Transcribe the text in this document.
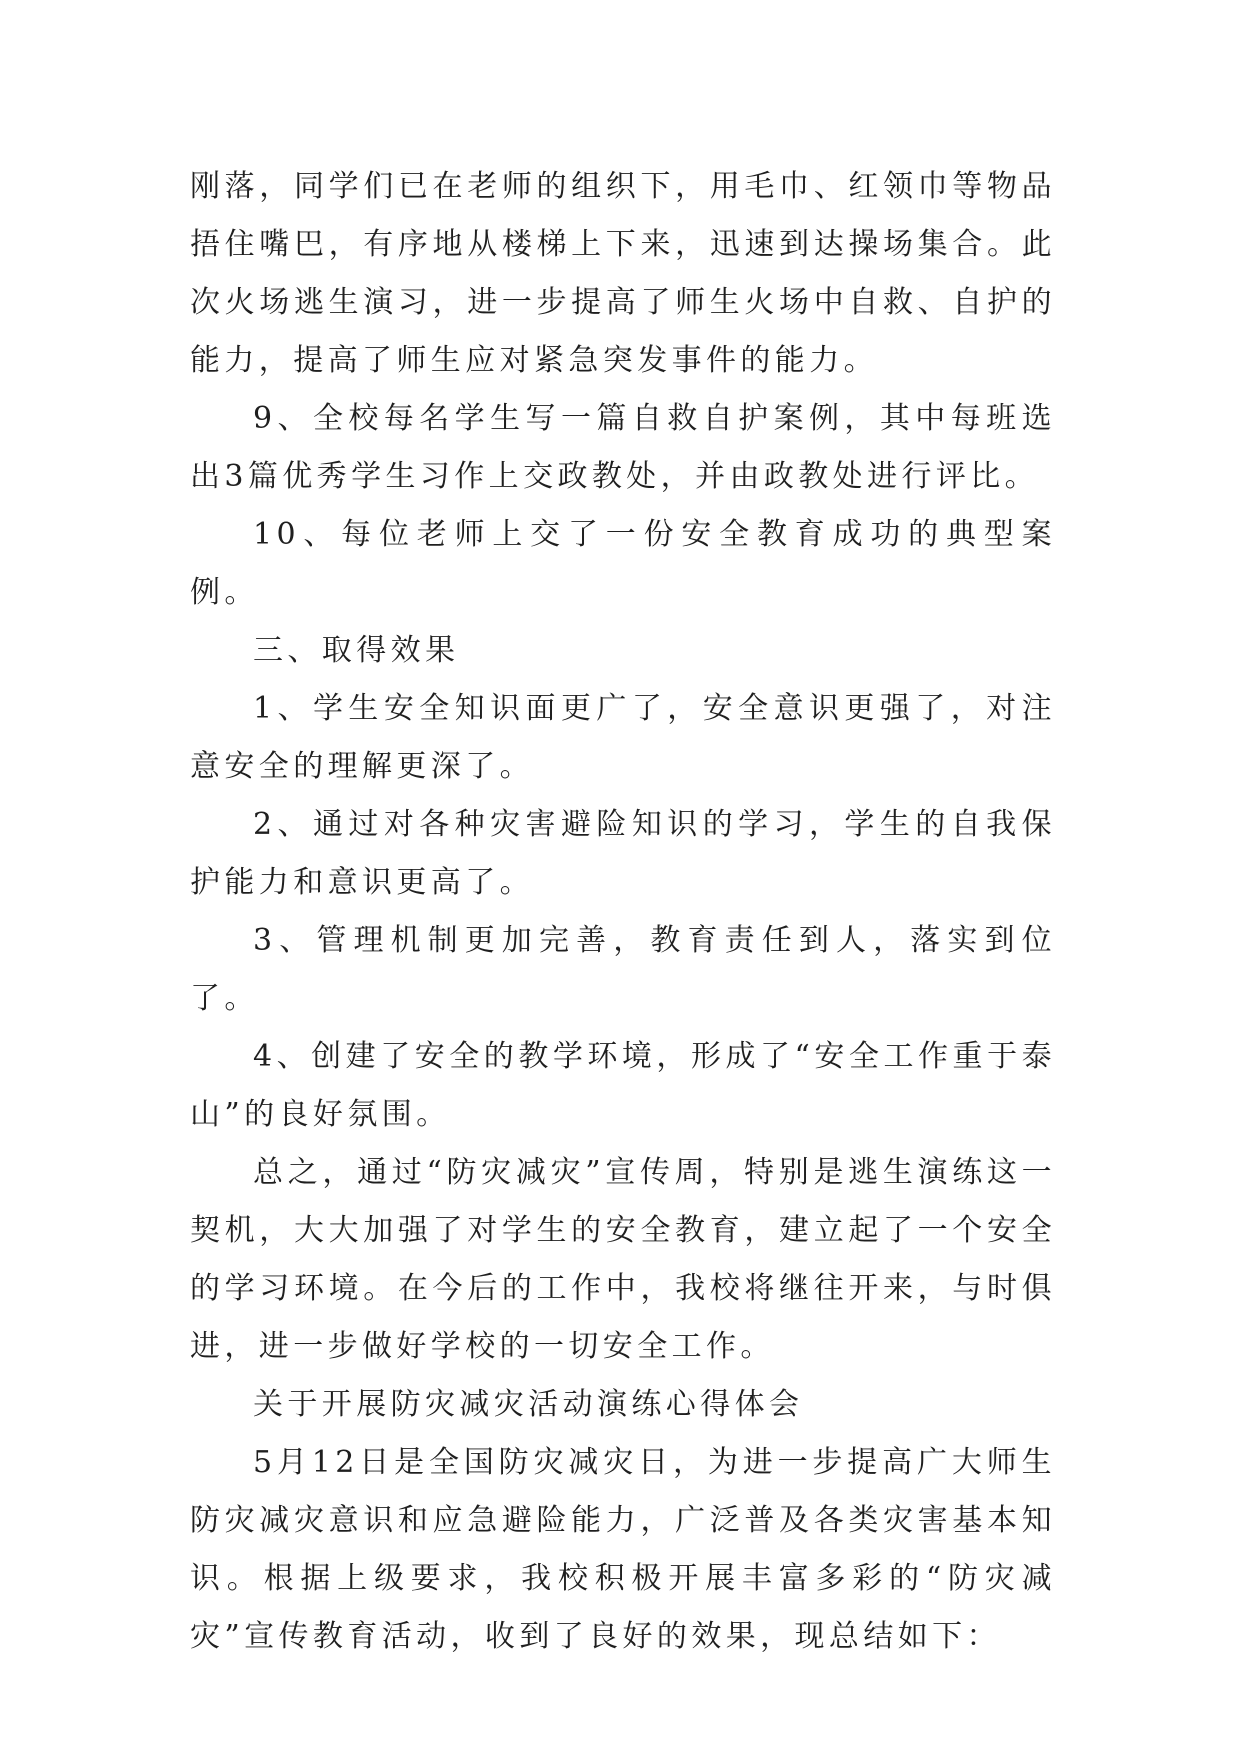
刚落，同学们已在老师的组织下，用毛巾、红领巾等物品捂住嘴巴，有序地从楼梯上下来，迅速到达操场集合。此次火场逃生演习，进一步提高了师生火场中自救、自护的能力，提高了师生应对紧急突发事件的能力。

9、全校每名学生写一篇自救自护案例，其中每班选出3篇优秀学生习作上交政教处，并由政教处进行评比。

10、每位老师上交了一份安全教育成功的典型案例。

三、取得效果

1、学生安全知识面更广了，安全意识更强了，对注意安全的理解更深了。

2、通过对各种灾害避险知识的学习，学生的自我保护能力和意识更高了。

3、管理机制更加完善，教育责任到人，落实到位了。

4、创建了安全的教学环境，形成了“安全工作重于泰山”的良好氛围。

总之，通过“防灾减灾”宣传周，特别是逃生演练这一契机，大大加强了对学生的安全教育，建立起了一个安全的学习环境。在今后的工作中，我校将继往开来，与时俱进，进一步做好学校的一切安全工作。

关于开展防灾减灾活动演练心得体会

5月12日是全国防灾减灾日，为进一步提高广大师生防灾减灾意识和应急避险能力，广泛普及各类灾害基本知识。根据上级要求，我校积极开展丰富多彩的“防灾减灾”宣传教育活动，收到了良好的效果，现总结如下：
